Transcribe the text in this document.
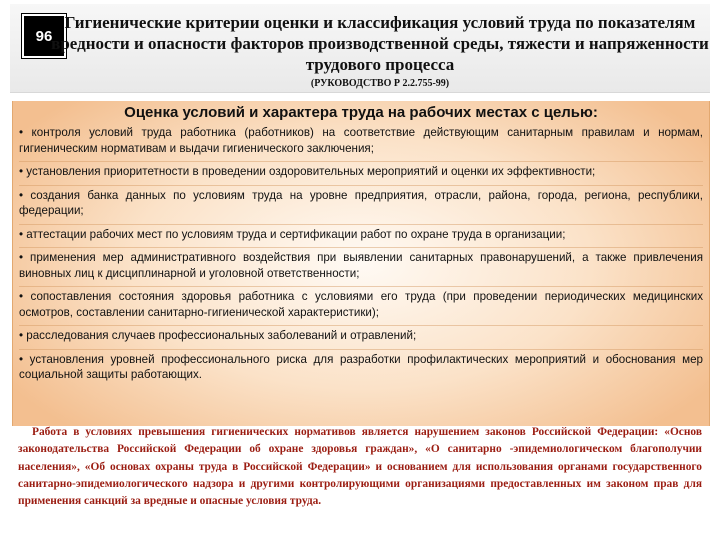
96
Гигиенические критерии оценки и классификация условий труда по показателям вредности и опасности факторов производственной среды, тяжести и напряженности трудового процесса
(РУКОВОДСТВО Р 2.2.755-99)
Оценка условий и характера труда на рабочих местах с целью:
• контроля условий труда работника (работников) на соответствие действующим санитарным правилам и нормам, гигиеническим нормативам и выдачи гигиенического заключения;
• установления приоритетности в проведении оздоровительных мероприятий и оценки их эффективности;
• создания банка данных по условиям труда на уровне предприятия, отрасли, района, города, региона, республики, федерации;
• аттестации рабочих мест по условиям труда и сертификации работ по охране труда в организации;
• применения мер административного воздействия при выявлении санитарных правонарушений, а также привлечения виновных лиц к дисциплинарной и уголовной ответственности;
• сопоставления состояния здоровья работника с условиями его труда (при проведении периодических медицинских осмотров, составлении санитарно-гигиенической характеристики);
• расследования случаев профессиональных заболеваний и отравлений;
• установления уровней профессионального риска для разработки профилактических мероприятий и обоснования мер социальной защиты работающих.
Работа в условиях превышения гигиенических нормативов является нарушением законов Российской Федерации: «Основ законодательства Российской Федерации об охране здоровья граждан», «О санитарно -эпидемиологическом благополучии населения», «Об основах охраны труда в Российской Федерации» и основанием для использования органами государственного санитарно-эпидемиологического надзора и другими контролирующими организациями предоставленных им законом прав для применения санкций за вредные и опасные условия труда.
